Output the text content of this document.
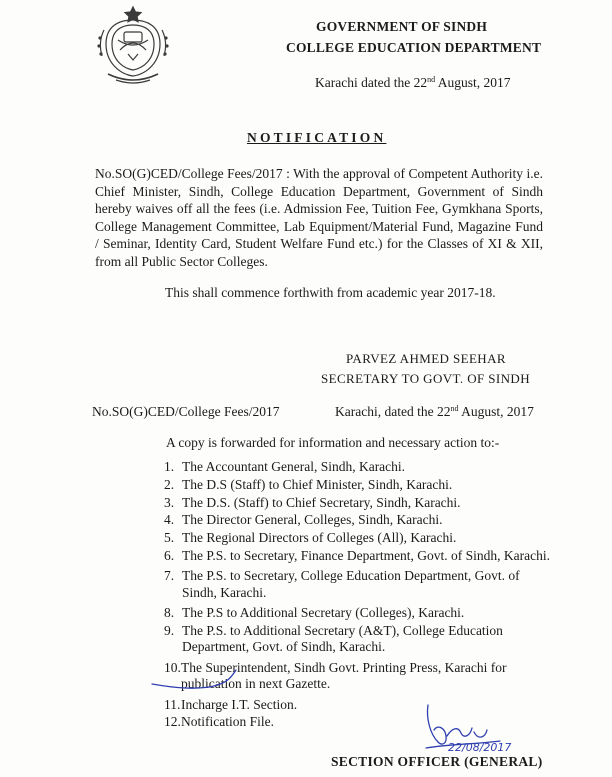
GOVERNMENT OF SINDH
COLLEGE EDUCATION DEPARTMENT
Karachi dated the 22nd August, 2017
NOTIFICATION
No.SO(G)CED/College Fees/2017 : With the approval of Competent Authority i.e. Chief Minister, Sindh, College Education Department, Government of Sindh hereby waives off all the fees (i.e. Admission Fee, Tuition Fee, Gymkhana Sports, College Management Committee, Lab Equipment/Material Fund, Magazine Fund / Seminar, Identity Card, Student Welfare Fund etc.) for the Classes of XI & XII, from all Public Sector Colleges.
This shall commence forthwith from academic year 2017-18.
PARVEZ AHMED SEEHAR
SECRETARY TO GOVT. OF SINDH
No.SO(G)CED/College Fees/2017	Karachi, dated the 22nd August, 2017
A copy is forwarded for information and necessary action to:-
1. The Accountant General, Sindh, Karachi.
2. The D.S (Staff) to Chief Minister, Sindh, Karachi.
3. The D.S. (Staff) to Chief Secretary, Sindh, Karachi.
4. The Director General, Colleges, Sindh, Karachi.
5. The Regional Directors of Colleges (All), Karachi.
6. The P.S. to Secretary, Finance Department, Govt. of Sindh, Karachi.
7. The P.S. to Secretary, College Education Department, Govt. of Sindh, Karachi.
8. The P.S to Additional Secretary (Colleges), Karachi.
9. The P.S. to Additional Secretary (A&T), College Education Department, Govt. of Sindh, Karachi.
10. The Superintendent, Sindh Govt. Printing Press, Karachi for publication in next Gazette.
11. Incharge I.T. Section.
12. Notification File.
22/08/2017
SECTION OFFICER (GENERAL)
